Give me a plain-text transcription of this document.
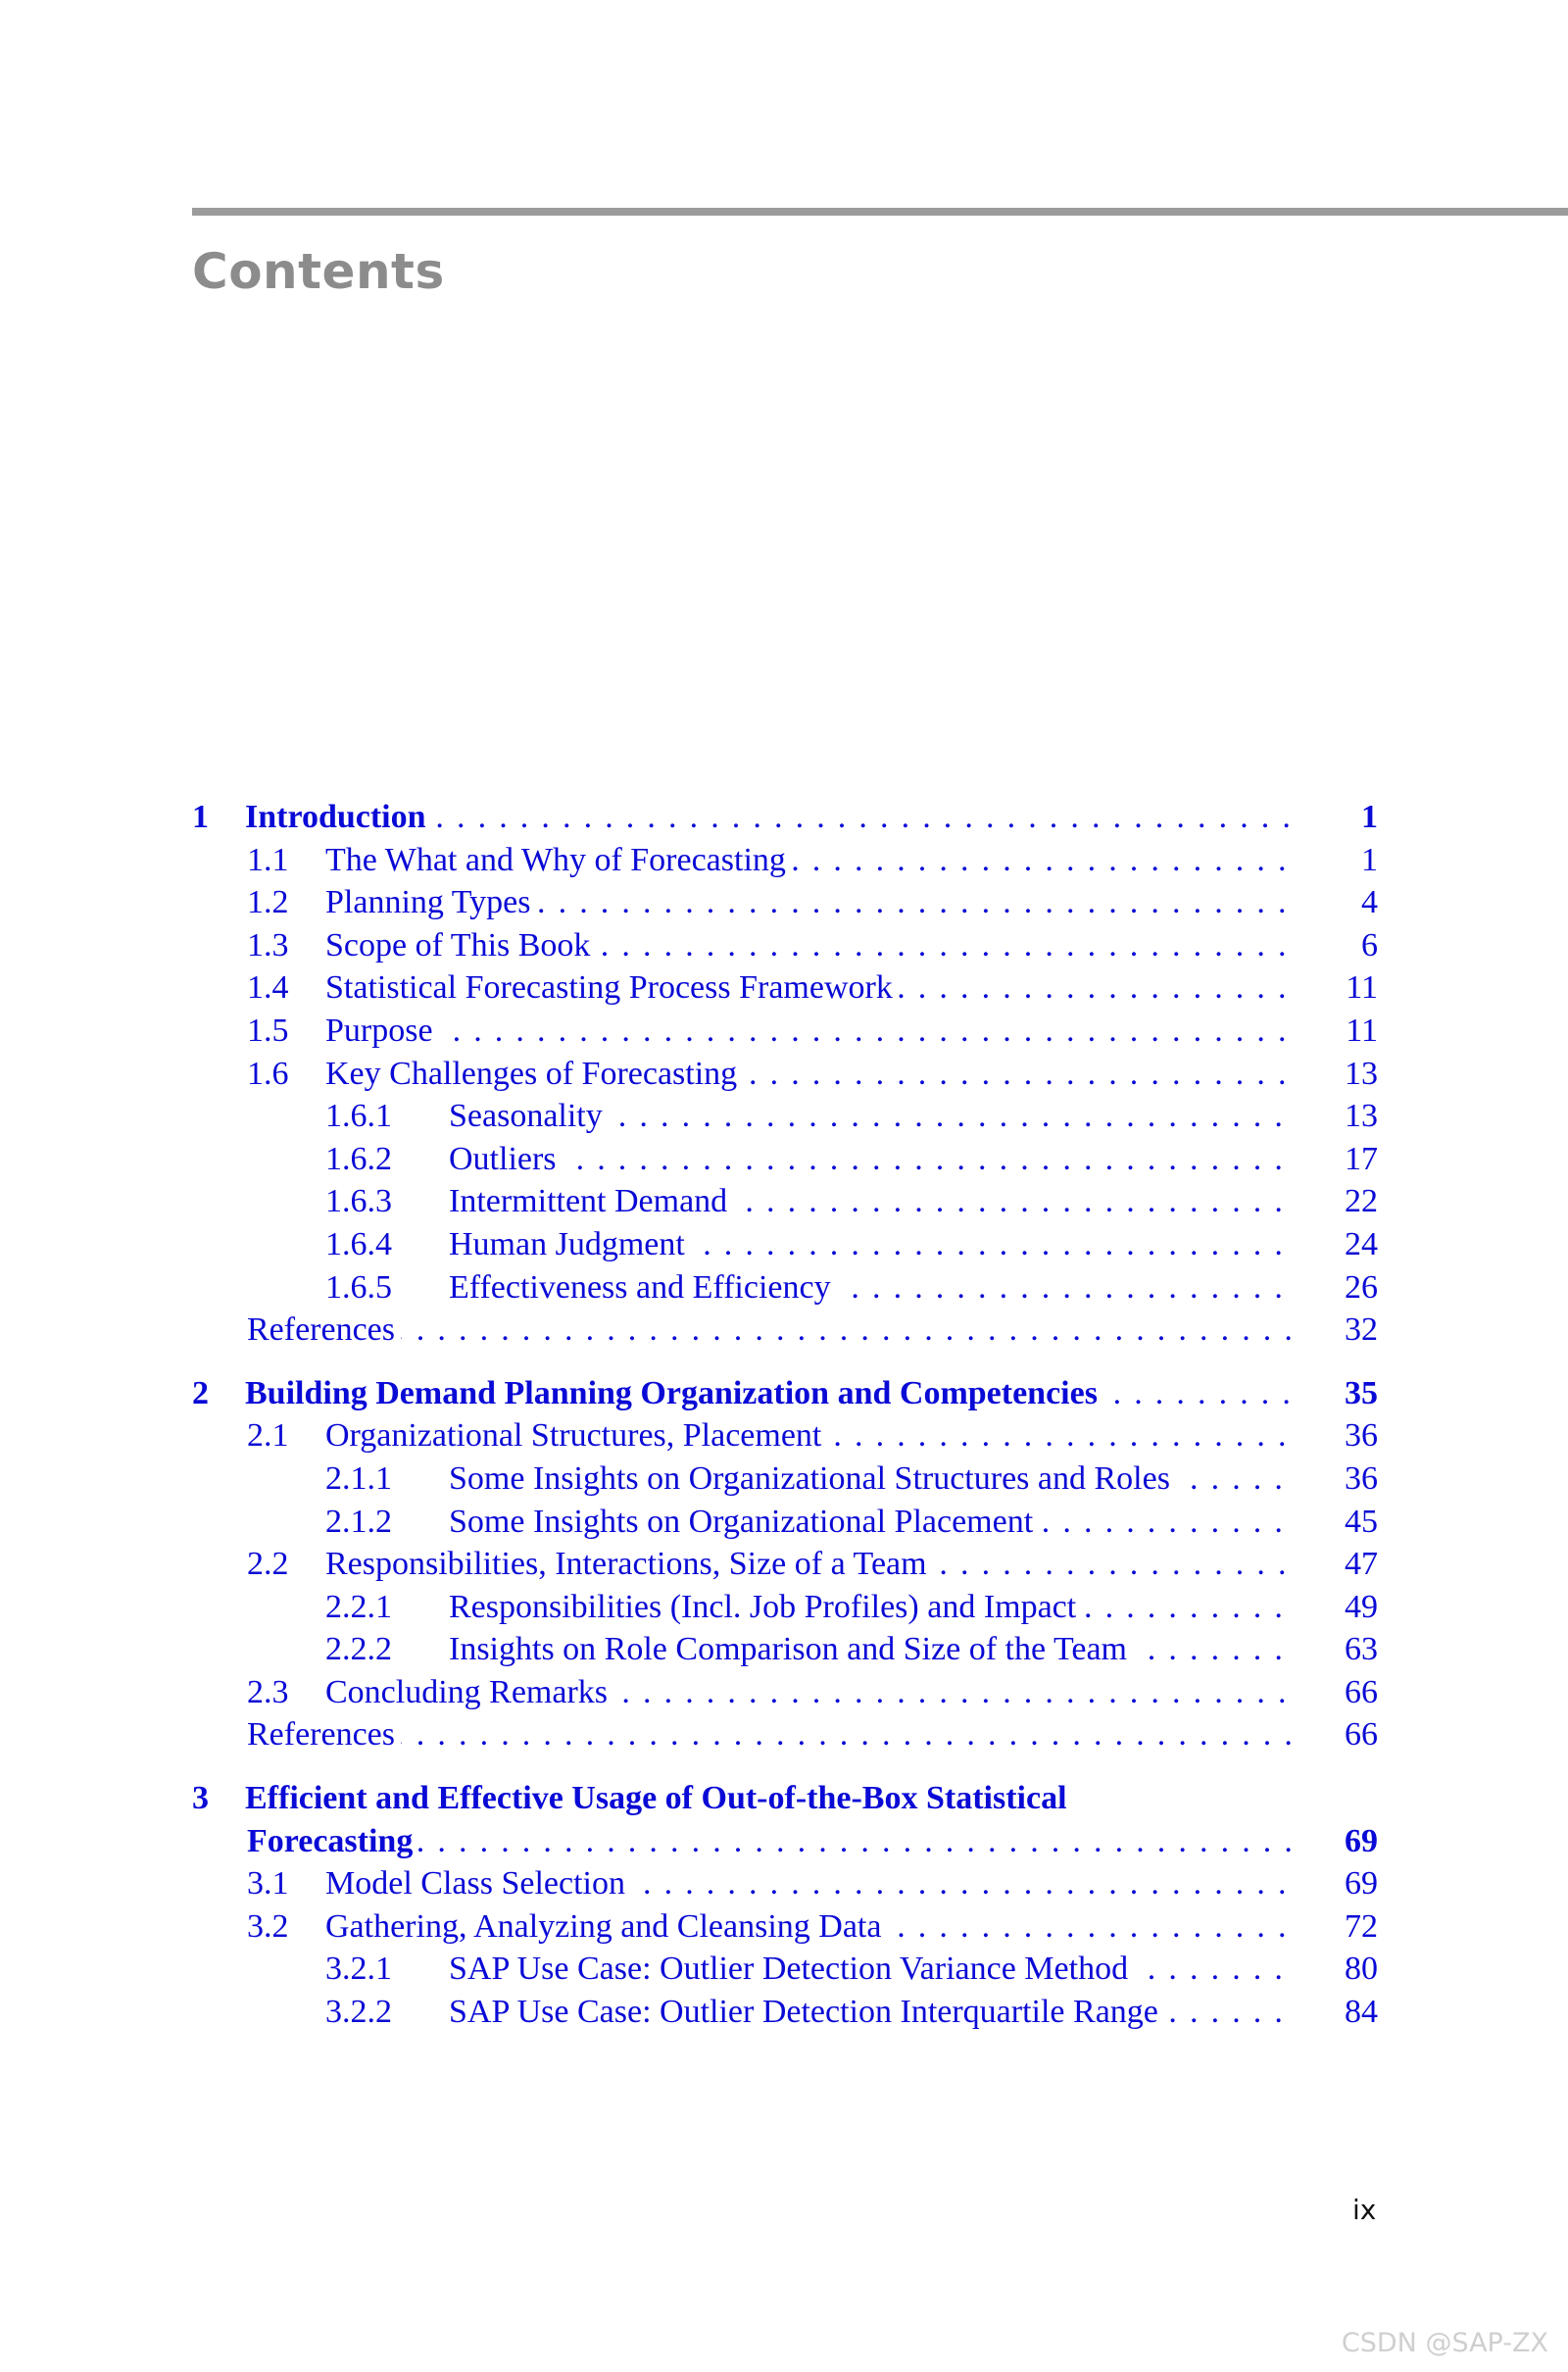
Contents
1 Introduction . . .	1
1.1 The What and Why of Forecasting . . .	1
1.2 Planning Types . . .	4
1.3 Scope of This Book . . .	6
1.4 Statistical Forecasting Process Framework . . .	11
1.5 Purpose . . .	11
1.6 Key Challenges of Forecasting . . .	13
1.6.1 Seasonality . . .	13
1.6.2 Outliers . . .	17
1.6.3 Intermittent Demand . . .	22
1.6.4 Human Judgment . . .	24
1.6.5 Effectiveness and Efficiency . . .	26
References . . .	32
2 Building Demand Planning Organization and Competencies . . .	35
2.1 Organizational Structures, Placement . . .	36
2.1.1 Some Insights on Organizational Structures and Roles . . .	36
2.1.2 Some Insights on Organizational Placement . . .	45
2.2 Responsibilities, Interactions, Size of a Team . . .	47
2.2.1 Responsibilities (Incl. Job Profiles) and Impact . . .	49
2.2.2 Insights on Role Comparison and Size of the Team . . .	63
2.3 Concluding Remarks . . .	66
References . . .	66
3 Efficient and Effective Usage of Out-of-the-Box Statistical
Forecasting . . .	69
3.1 Model Class Selection . . .	69
3.2 Gathering, Analyzing and Cleansing Data . . .	72
3.2.1 SAP Use Case: Outlier Detection Variance Method . . .	80
3.2.2 SAP Use Case: Outlier Detection Interquartile Range . . .	84
ix
CSDN @SAP-ZX
